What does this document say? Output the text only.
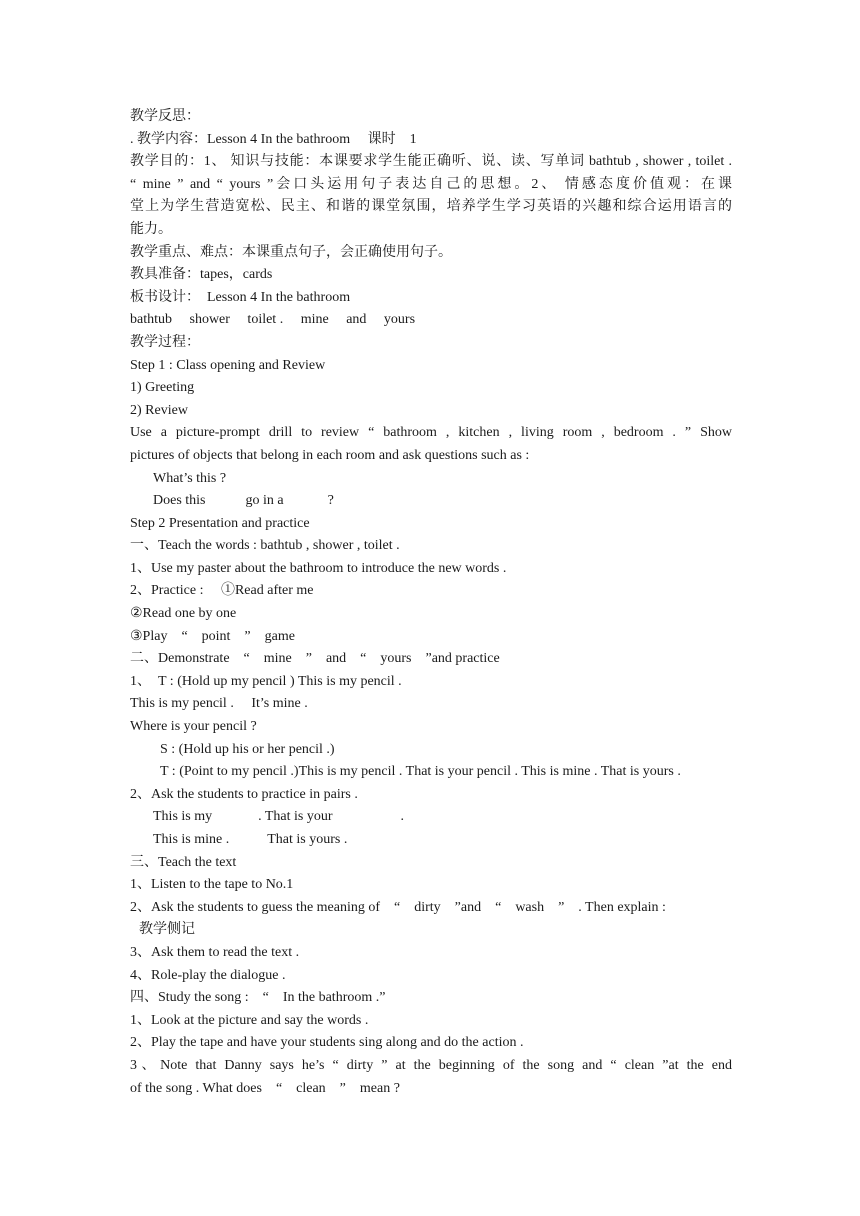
教学反思：
. 教学内容：Lesson 4 In the bathroom　 课时　1
教学目的：1、 知识与技能：本课要求学生能正确听、说、读、写单词 bathtub , shower , toilet .
“ mine ” and “ yours ”会口头运用句子表达自己的思想。2、 情感态度价值观：在课
堂上为学生营造宽松、民主、和谐的课堂氛围，培养学生学习英语的兴趣和综合运用语言的
能力。
教学重点、难点：本课重点句子，会正确使用句子。
教具准备：tapes，cards
板书设计：　Lesson 4 In the bathroom
bathtub　 shower　 toilet .　 mine　 and　 yours
教学过程：
Step 1 : Class opening and Review
1) Greeting
2) Review
Use a picture-prompt drill to review “ bathroom , kitchen , living room , bedroom . ” Show
pictures of objects that belong in each room and ask questions such as :
What’s this ?
Does this	go in a	?
Step 2 Presentation and practice
一、Teach the words : bathtub , shower , toilet .
1、Use my paster about the bathroom to introduce the new words .
2、Practice :　 ①Read after me
②Read one by one
③Play　“　point　”　game
二、Demonstrate　“　mine　”　and　“　yours　”and practice
1、　T : (Hold up my pencil ) This is my pencil .
This is my pencil .　 It’s mine .
Where is your pencil ?
S : (Hold up his or her pencil .)
T : (Point to my pencil .)This is my pencil . That is your pencil . This is mine . That is yours .
2、Ask the students to practice in pairs .
This is my	. That is your	.
This is mine .	That is yours .
三、Teach the text
1、Listen to the tape to No.1
2、Ask the students to guess the meaning of　“　dirty　”and　“　wash　”　. Then explain :
教学侧记
3、Ask them to read the text .
4、Role-play the dialogue .
四、Study the song :　“　In the bathroom .”
1、Look at the picture and say the words .
2、Play the tape and have your students sing along and do the action .
3、Note that Danny says he’s “ dirty ” at the beginning of the song and “ clean ”at the end
of the song . What does　“　clean　”　mean ?
